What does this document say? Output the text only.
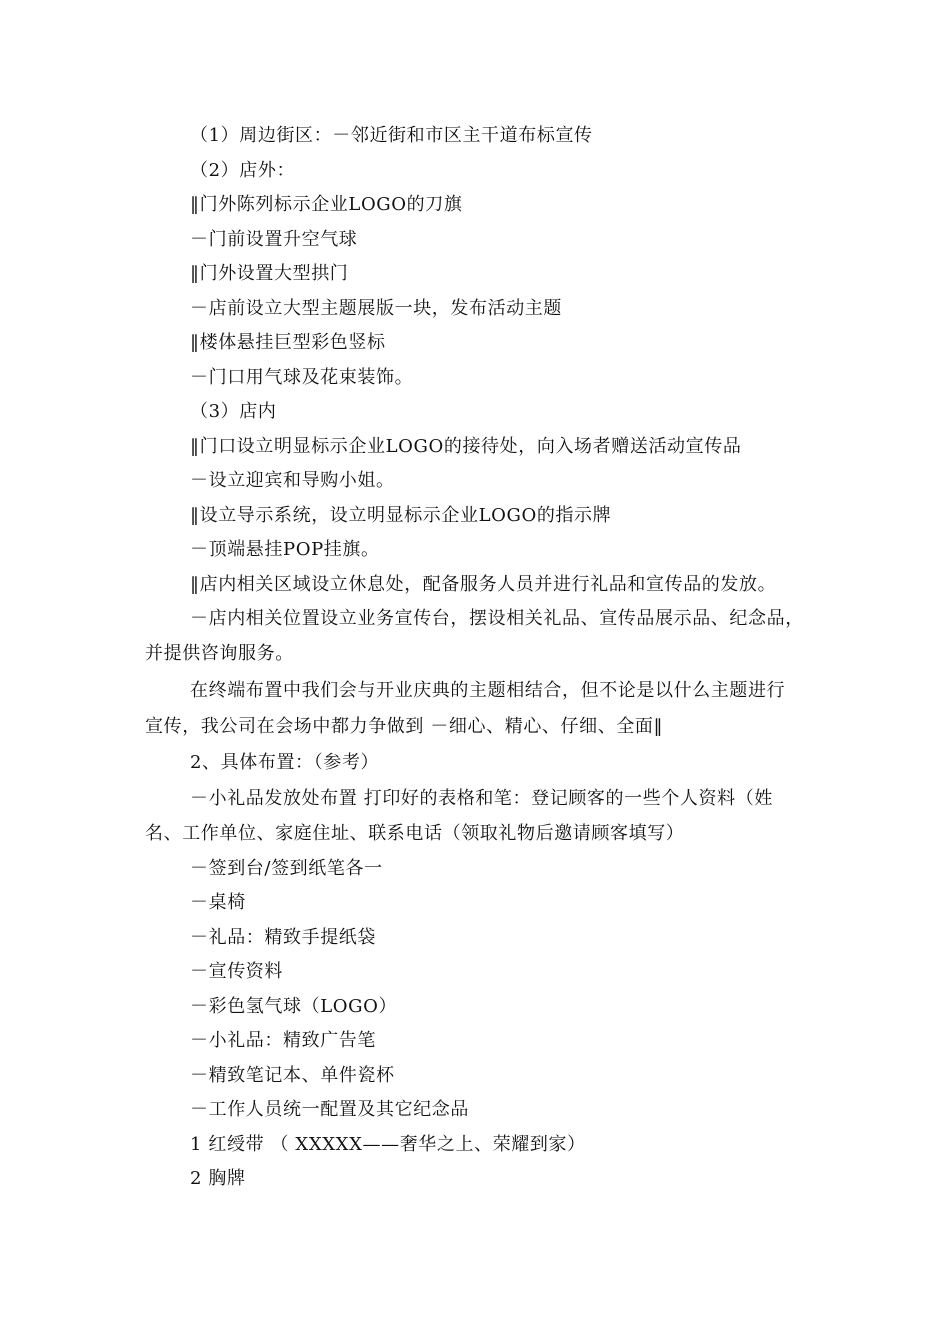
（1）周边街区：－邻近街和市区主干道布标宣传
（2）店外：
‖门外陈列标示企业LOGO的刀旗
－门前设置升空气球
‖门外设置大型拱门
－店前设立大型主题展版一块，发布活动主题
‖楼体悬挂巨型彩色竖标
－门口用气球及花束装饰。
（3）店内
‖门口设立明显标示企业LOGO的接待处，向入场者赠送活动宣传品
－设立迎宾和导购小姐。
‖设立导示系统，设立明显标示企业LOGO的指示牌
－顶端悬挂POP挂旗。
‖店内相关区域设立休息处，配备服务人员并进行礼品和宣传品的发放。
－店内相关位置设立业务宣传台，摆设相关礼品、宣传品展示品、纪念品，
并提供咨询服务。
在终端布置中我们会与开业庆典的主题相结合，但不论是以什么主题进行
宣传，我公司在会场中都力争做到 －细心、精心、仔细、全面‖
2、具体布置：（参考）
－小礼品发放处布置 打印好的表格和笔：登记顾客的一些个人资料（姓
名、工作单位、家庭住址、联系电话（领取礼物后邀请顾客填写）
－签到台/签到纸笔各一
－桌椅
－礼品：精致手提纸袋
－宣传资料
－彩色氢气球（LOGO）
－小礼品：精致广告笔
－精致笔记本、单件瓷杯
－工作人员统一配置及其它纪念品
1 红绶带 （ XXXXX——奢华之上、荣耀到家）
2 胸牌
